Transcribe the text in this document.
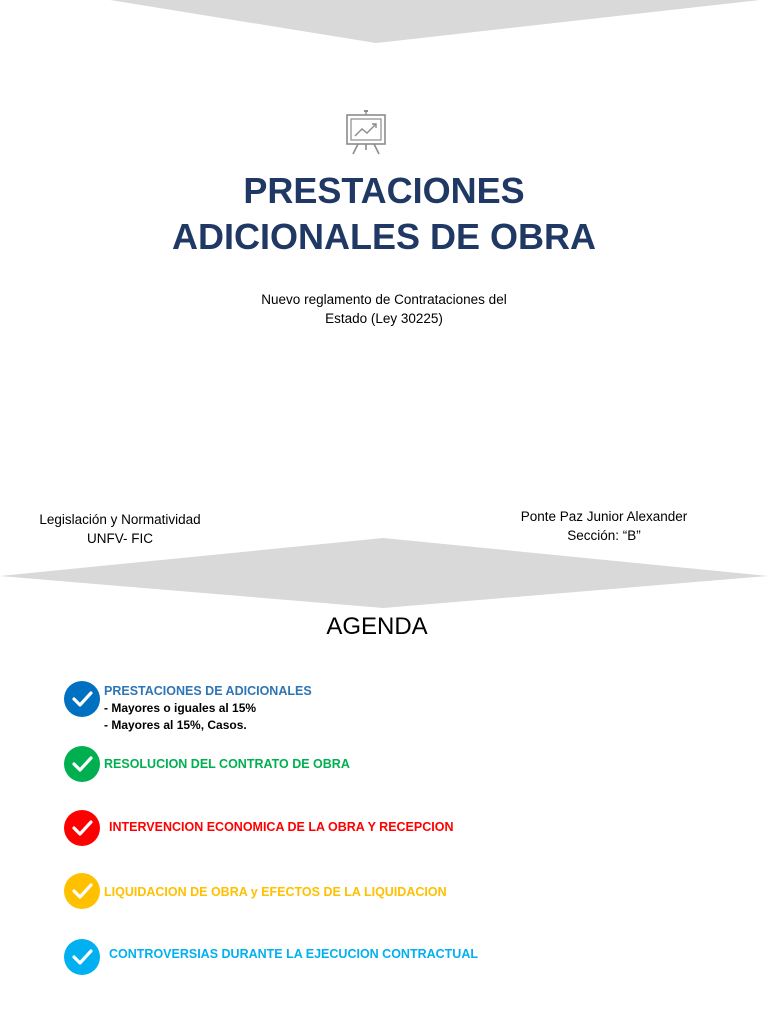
PRESTACIONES
ADICIONALES DE OBRA
Nuevo reglamento de Contrataciones del
Estado (Ley 30225)
Legislación y Normatividad
UNFV- FIC
Ponte Paz Junior Alexander
Sección: “B”
AGENDA
PRESTACIONES DE ADICIONALES
- Mayores o iguales al 15%
- Mayores al 15%, Casos.
RESOLUCION DEL CONTRATO DE OBRA
INTERVENCION ECONOMICA DE LA OBRA Y RECEPCION
LIQUIDACION DE OBRA y EFECTOS DE LA LIQUIDACION
CONTROVERSIAS DURANTE LA EJECUCION CONTRACTUAL
